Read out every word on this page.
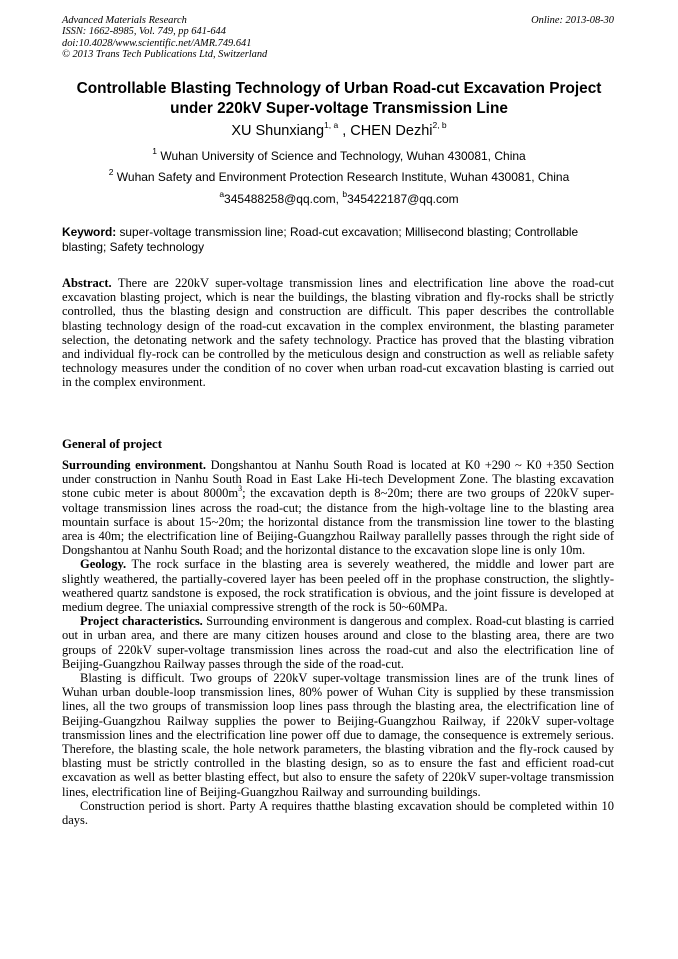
Advanced Materials Research
ISSN: 1662-8985, Vol. 749, pp 641-644
doi:10.4028/www.scientific.net/AMR.749.641
© 2013 Trans Tech Publications Ltd, Switzerland
Online: 2013-08-30
Controllable Blasting Technology of Urban Road-cut Excavation Project
under 220kV Super-voltage Transmission Line
XU Shunxiang$^{1, a}$ , CHEN Dezhi$^{2, b}$
$^1$ Wuhan University of Science and Technology, Wuhan 430081, China
$^2$ Wuhan Safety and Environment Protection Research Institute, Wuhan 430081, China
$^a$345488258@qq.com, $^b$345422187@qq.com
Keyword: super-voltage transmission line; Road-cut excavation; Millisecond blasting; Controllable blasting; Safety technology
Abstract. There are 220kV super-voltage transmission lines and electrification line above the road-cut excavation blasting project, which is near the buildings, the blasting vibration and fly-rocks shall be strictly controlled, thus the blasting design and construction are difficult. This paper describes the controllable blasting technology design of the road-cut excavation in the complex environment, the blasting parameter selection, the detonating network and the safety technology. Practice has proved that the blasting vibration and individual fly-rock can be controlled by the meticulous design and construction as well as reliable safety technology measures under the condition of no cover when urban road-cut excavation blasting is carried out in the complex environment.
General of project

Surrounding environment. Dongshantou at Nanhu South Road is located at K0 +290 ~ K0 +350 Section under construction in Nanhu South Road in East Lake Hi-tech Development Zone. The blasting excavation stone cubic meter is about $8000m^3$; the excavation depth is 8~20m; there are two groups of 220kV super-voltage transmission lines across the road-cut; the distance from the high-voltage line to the blasting area mountain surface is about 15~20m; the horizontal distance from the transmission line tower to the blasting area is 40m; the electrification line of Beijing-Guangzhou Railway parallelly passes through the right side of Dongshantou at Nanhu South Road; and the horizontal distance to the excavation slope line is only 10m.

Geology. The rock surface in the blasting area is severely weathered, the middle and lower part are slightly weathered, the partially-covered layer has been peeled off in the prophase construction, the slightly-weathered quartz sandstone is exposed, the rock stratification is obvious, and the joint fissure is developed at medium degree. The uniaxial compressive strength of the rock is 50~60MPa.

Project characteristics. Surrounding environment is dangerous and complex. Road-cut blasting is carried out in urban area, and there are many citizen houses around and close to the blasting area, there are two groups of 220kV super-voltage transmission lines across the road-cut and also the electrification line of Beijing-Guangzhou Railway passes through the side of the road-cut.

Blasting is difficult. Two groups of 220kV super-voltage transmission lines are of the trunk lines of Wuhan urban double-loop transmission lines, 80% power of Wuhan City is supplied by these transmission lines, all the two groups of transmission loop lines pass through the blasting area, the electrification line of Beijing-Guangzhou Railway supplies the power to Beijing-Guangzhou Railway, if 220kV super-voltage transmission lines and the electrification line power off due to damage, the consequence is extremely serious. Therefore, the blasting scale, the hole network parameters, the blasting vibration and the fly-rock caused by blasting must be strictly controlled in the blasting design, so as to ensure the fast and efficient road-cut excavation as well as better blasting effect, but also to ensure the safety of 220kV super-voltage transmission lines, electrification line of Beijing-Guangzhou Railway and surrounding buildings.

Construction period is short. Party A requires thatthe blasting excavation should be completed within 10 days.
